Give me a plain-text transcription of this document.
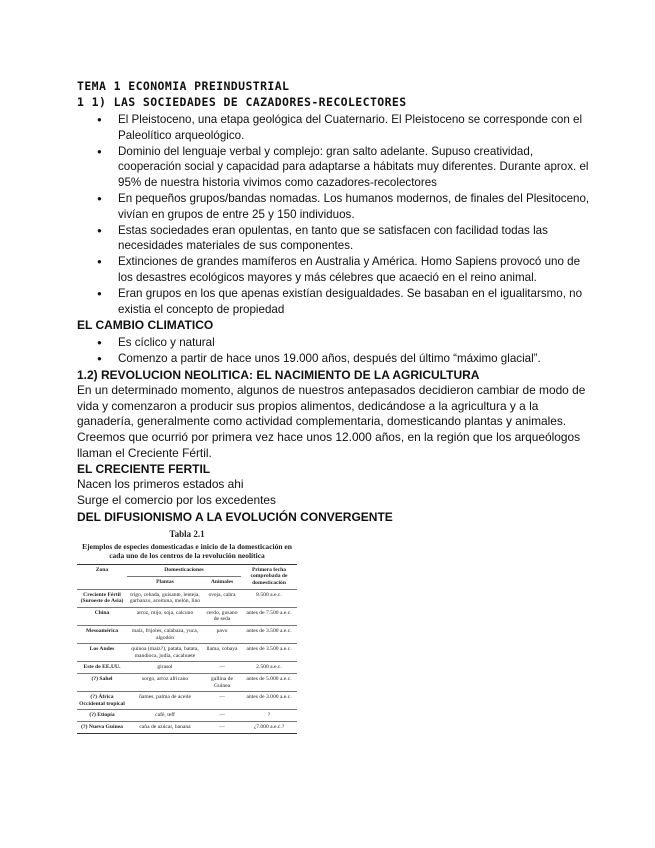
TEMA 1 ECONOMIA PREINDUSTRIAL
1 1) LAS SOCIEDADES DE CAZADORES-RECOLECTORES
● El Pleistoceno, una etapa geológica del Cuaternario. El Pleistoceno se corresponde con el Paleolítico arqueológico.
● Dominio del lenguaje verbal y complejo: gran salto adelante. Supuso creatividad, cooperación social y capacidad para adaptarse a hábitats muy diferentes. Durante aprox. el 95% de nuestra historia vivimos como cazadores-recolectores
● En pequeños grupos/bandas nomadas. Los humanos modernos, de finales del Plesitoceno, vivían en grupos de entre 25 y 150 individuos.
● Estas sociedades eran opulentas, en tanto que se satisfacen con facilidad todas las necesidades materiales de sus componentes.
● Extinciones de grandes mamíferos en Australia y América. Homo Sapiens provocó uno de los desastres ecológicos mayores y más célebres que acaeció en el reino animal.
● Eran grupos en los que apenas existían desigualdades. Se basaban en el igualitarsmo, no existia el concepto de propiedad
EL CAMBIO CLIMATICO
● Es cíclico y natural
● Comenzo a partir de hace unos 19.000 años, después del último “máximo glacial”.
1.2) REVOLUCION NEOLITICA: EL NACIMIENTO DE LA AGRICULTURA

En un determinado momento, algunos de nuestros antepasados decidieron cambiar de modo de vida y comenzaron a producir sus propios alimentos, dedicándose a la agricultura y a la ganadería, generalmente como actividad complementaria, domesticando plantas y animales. Creemos que ocurrió por primera vez hace unos 12.000 años, en la región que los arqueólogos llaman el Creciente Fértil.

EL CRECIENTE FERTIL

Nacen los primeros estados ahi

Surge el comercio por los excedentes

DEL DIFUSIONISMO A LA EVOLUCIÓN CONVERGENTE
Tabla 2.1
Ejemplos de especies domesticadas e inicio de la domesticación en cada uno de los centros de la revolución neolítica
Zona	Domesticaciones		Primera fecha comprobada de domesticación
	Plantas	Animales	
Creciente Fértil (Suroeste de Asia)	trigo, cebada, guisante, lenteja, garbanzo, aceituna, melón, lino	oveja, cabra	8.500 a.e.c.
China	arroz, mijo, soja, calcuno	cerdo, gusano de seda	antes de 7.500 a.e.c.
Mesoamérica	maíz, frijoles, calabaza, yuca, algodón	pavo	antes de 3.500 a.e.c.
Los Andes	quinoa (maíz?), patata, batata, mandioca, judía, cacahuete	llama, cobaya	antes de 3.500 a.e.c.
Este de EE.UU.	girasol	—	2.500 a.e.c.
(?) Sahel	sorgo, arroz africano	gallina de Guinea	antes de 5.000 a.e.c.
(?) África Occidental tropical	ñames, palma de aceite	—	antes de 3.000 a.e.c.
(?) Etiopía	café, teff	—	?
(?) Nueva Guinea	caña de azúcar, banana	—	¿7.000 a.e.c.?
